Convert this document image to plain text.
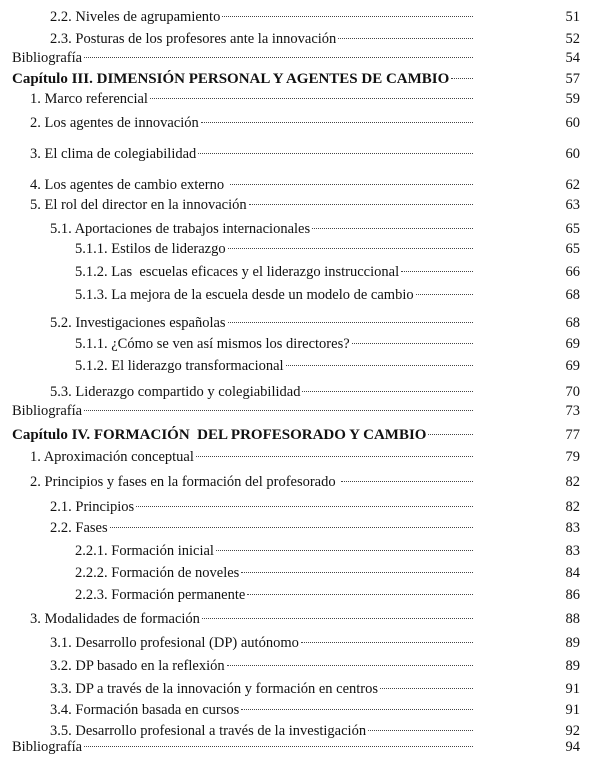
2.2. Niveles de agrupamiento	51
2.3. Posturas de los profesores ante la innovación	52
Bibliografía	54
Capítulo III. DIMENSIÓN PERSONAL Y AGENTES DE CAMBIO	57
1. Marco referencial	59
2. Los agentes de innovación	60
3. El clima de colegiabilidad	60
4. Los agentes de cambio externo	62
5. El rol del director en la innovación	63
5.1. Aportaciones de trabajos internacionales	65
5.1.1. Estilos de liderazgo	65
5.1.2. Las  escuelas eficaces y el liderazgo instruccional	66
5.1.3. La mejora de la escuela desde un modelo de cambio	68
5.2. Investigaciones españolas	68
5.1.1. ¿Cómo se ven así mismos los directores?	69
5.1.2. El liderazgo transformacional	69
5.3. Liderazgo compartido y colegiabilidad	70
Bibliografía	73
Capítulo IV. FORMACIÓN  DEL PROFESORADO Y CAMBIO	77
1. Aproximación conceptual	79
2. Principios y fases en la formación del profesorado	82
2.1. Principios	82
2.2. Fases	83
2.2.1. Formación inicial	83
2.2.2. Formación de noveles	84
2.2.3. Formación permanente	86
3. Modalidades de formación	88
3.1. Desarrollo profesional (DP) autónomo	89
3.2. DP basado en la reflexión	89
3.3. DP a través de la innovación y formación en centros	91
3.4. Formación basada en cursos	91
3.5. Desarrollo profesional a través de la investigación	92
Bibliografía	94
